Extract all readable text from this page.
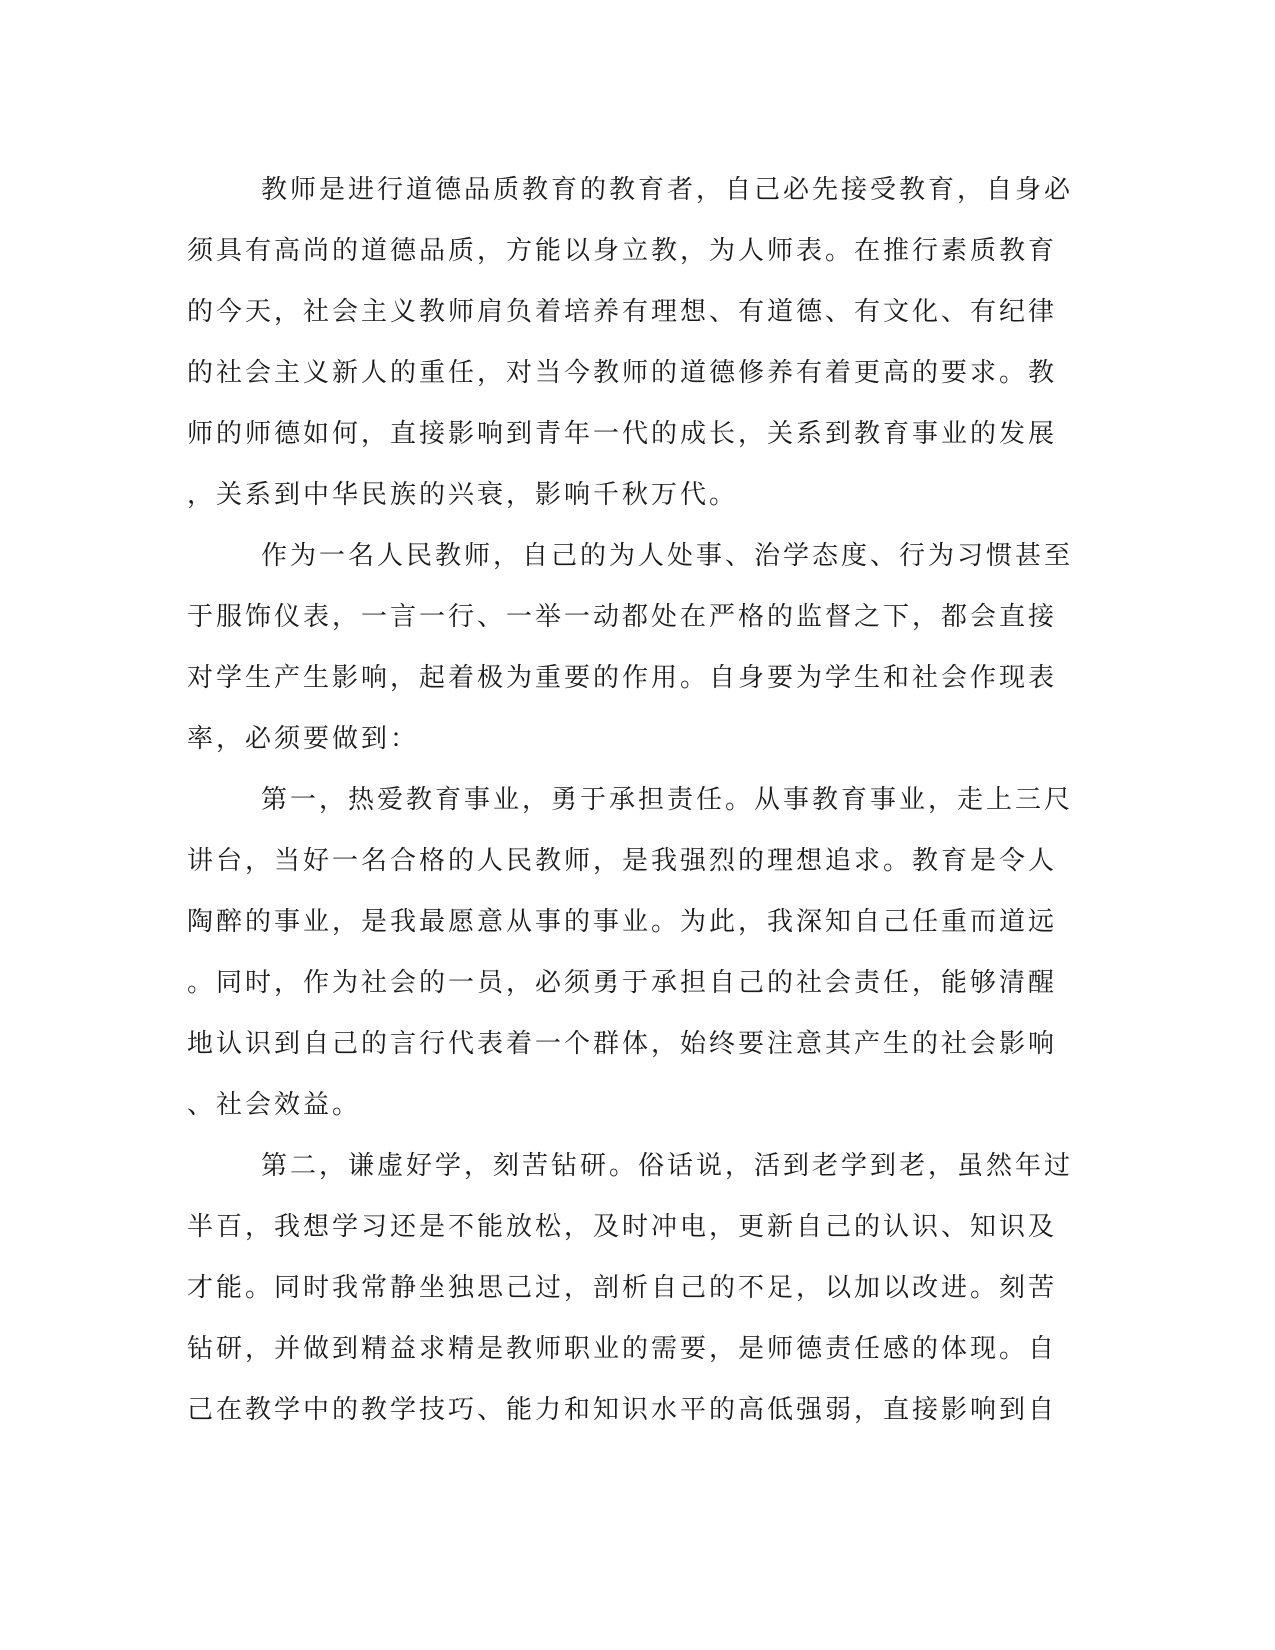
教师是进行道德品质教育的教育者，自己必先接受教育，自身必
须具有高尚的道德品质，方能以身立教，为人师表。在推行素质教育
的今天，社会主义教师肩负着培养有理想、有道德、有文化、有纪律
的社会主义新人的重任，对当今教师的道德修养有着更高的要求。教
师的师德如何，直接影响到青年一代的成长，关系到教育事业的发展
，关系到中华民族的兴衰，影响千秋万代。
作为一名人民教师，自己的为人处事、治学态度、行为习惯甚至
于服饰仪表，一言一行、一举一动都处在严格的监督之下，都会直接
对学生产生影响，起着极为重要的作用。自身要为学生和社会作现表
率，必须要做到：
第一，热爱教育事业，勇于承担责任。从事教育事业，走上三尺
讲台，当好一名合格的人民教师，是我强烈的理想追求。教育是令人
陶醉的事业，是我最愿意从事的事业。为此，我深知自己任重而道远
。同时，作为社会的一员，必须勇于承担自己的社会责任，能够清醒
地认识到自己的言行代表着一个群体，始终要注意其产生的社会影响
、社会效益。
第二，谦虚好学，刻苦钻研。俗话说，活到老学到老，虽然年过
半百，我想学习还是不能放松，及时冲电，更新自己的认识、知识及
才能。同时我常静坐独思己过，剖析自己的不足，以加以改进。刻苦
钻研，并做到精益求精是教师职业的需要，是师德责任感的体现。自
己在教学中的教学技巧、能力和知识水平的高低强弱，直接影响到自
